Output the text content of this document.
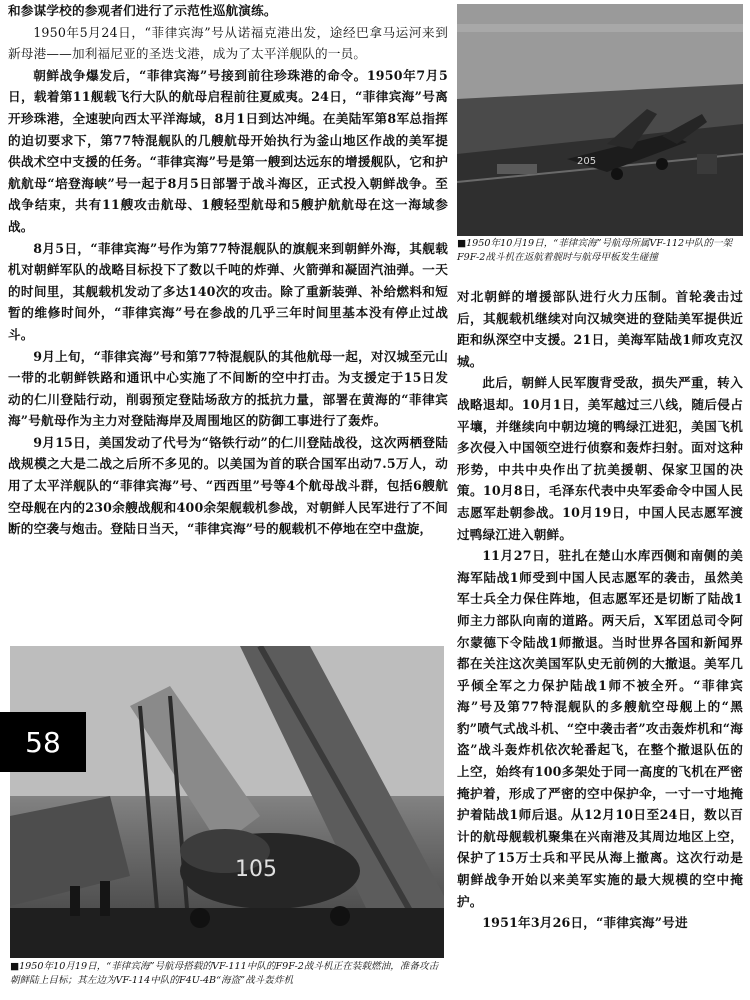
205

■1950年10月19日，“菲律宾海”号航母所属VF-112中队的一架F9F-2战斗机在返航着舰时与航母甲板发生碰撞

和参谋学校的参观者们进行了示范性巡航演练。

1950年5月24日，“菲律宾海”号从诺福克港出发，途经巴拿马运河来到新母港——加利福尼亚的圣迭戈港，成为了太平洋舰队的一员。

朝鲜战争爆发后，“菲律宾海”号接到前往珍珠港的命令。1950年7月5日，载着第11舰载飞行大队的航母启程前往夏威夷。24日，“菲律宾海”号离开珍珠港，全速驶向西太平洋海域，8月1日到达冲绳。在美陆军第8军总指挥的迫切要求下，第77特混舰队的几艘航母开始执行为釜山地区作战的美军提供战术空中支援的任务。“菲律宾海”号是第一艘到达远东的增援舰队，它和护航航母“培登海峡”号一起于8月5日部署于战斗海区，正式投入朝鲜战争。至战争结束，共有11艘攻击航母、1艘轻型航母和5艘护航航母在这一海域参战。

8月5日，“菲律宾海”号作为第77特混舰队的旗舰来到朝鲜外海，其舰载机对朝鲜军队的战略目标投下了数以千吨的炸弹、火箭弹和凝固汽油弹。一天的时间里，其舰载机发动了多达140次的攻击。除了重新装弹、补给燃料和短暂的维修时间外，“菲律宾海”号在参战的几乎三年时间里基本没有停止过战斗。

9月上旬，“菲律宾海”号和第77特混舰队的其他航母一起，对汉城至元山一带的北朝鲜铁路和通讯中心实施了不间断的空中打击。为支援定于15日发动的仁川登陆行动，削弱预定登陆场敌方的抵抗力量，部署在黄海的“菲律宾海”号航母作为主力对登陆海岸及周围地区的防御工事进行了轰炸。

9月15日，美国发动了代号为“铬铁行动”的仁川登陆战役，这次两栖登陆战规模之大是二战之后所不多见的。以美国为首的联合国军出动7.5万人，动用了太平洋舰队的“菲律宾海”号、“西西里”号等4个航母战斗群，包括6艘航空母舰在内的230余艘战舰和400余架舰载机参战，对朝鲜人民军进行了不间断的空袭与炮击。登陆日当天，“菲律宾海”号的舰载机不停地在空中盘旋，

对北朝鲜的增援部队进行火力压制。首轮袭击过后，其舰载机继续对向汉城突进的登陆美军提供近距和纵深空中支援。21日，美海军陆战1师攻克汉城。

此后，朝鲜人民军腹背受敌，损失严重，转入战略退却。10月1日，美军越过三八线，随后侵占平壤，并继续向中朝边境的鸭绿江进犯，美国飞机多次侵入中国领空进行侦察和轰炸扫射。面对这种形势，中共中央作出了抗美援朝、保家卫国的决策。10月8日，毛泽东代表中央军委命令中国人民志愿军赴朝参战。10月19日，中国人民志愿军渡过鸭绿江进入朝鲜。

11月27日，驻扎在楚山水库西侧和南侧的美海军陆战1师受到中国人民志愿军的袭击，虽然美军士兵全力保住阵地，但志愿军还是切断了陆战1师主力部队向南的道路。两天后，X军团总司令阿尔蒙德下令陆战1师撤退。当时世界各国和新闻界都在关注这次美国军队史无前例的大撤退。美军几乎倾全军之力保护陆战1师不被全歼。“菲律宾海”号及第77特混舰队的多艘航空母舰上的“黑豹”喷气式战斗机、“空中袭击者”攻击轰炸机和“海盗”战斗轰炸机依次轮番起飞，在整个撤退队伍的上空，始终有100多架处于同一高度的飞机在严密掩护着，形成了严密的空中保护伞，一寸一寸地掩护着陆战1师后退。从12月10日至24日，数以百计的航母舰载机聚集在兴南港及其周边地区上空，保护了15万士兵和平民从海上撤离。这次行动是朝鲜战争开始以来美军实施的最大规模的空中掩护。

1951年3月26日，“菲律宾海”号进

105

■1950年10月19日，“菲律宾海”号航母搭载的VF-111中队的F9F-2战斗机正在装载燃油，准备攻击朝鲜陆上目标；其左边为VF-114中队的F4U-4B“海盗”战斗轰炸机

58
